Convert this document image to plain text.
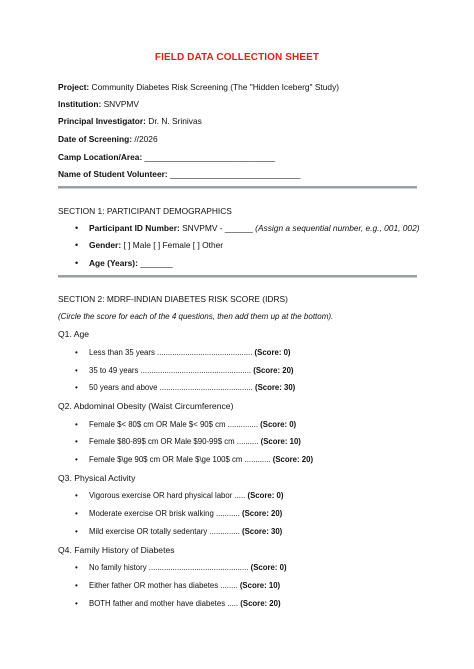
FIELD DATA COLLECTION SHEET
Project: Community Diabetes Risk Screening (The "Hidden Iceberg" Study)
Institution: SNVPMV
Principal Investigator: Dr. N. Srinivas
Date of Screening: //2026
Camp Location/Area: ____________________________
Name of Student Volunteer: ____________________________
SECTION 1: PARTICIPANT DEMOGRAPHICS
• Participant ID Number: SNVPMV - ______ (Assign a sequential number, e.g., 001, 002)
• Gender: [ ] Male [ ] Female [ ] Other
• Age (Years): _______
SECTION 2: MDRF-INDIAN DIABETES RISK SCORE (IDRS)
(Circle the score for each of the 4 questions, then add them up at the bottom).
Q1. Age
• Less than 35 years ............................................ (Score: 0)
• 35 to 49 years ................................................... (Score: 20)
• 50 years and above ........................................... (Score: 30)
Q2. Abdominal Obesity (Waist Circumference)
• Female $< 80$ cm OR Male $< 90$ cm .............. (Score: 0)
• Female $80-89$ cm OR Male $90-99$ cm .......... (Score: 10)
• Female $\ge 90$ cm OR Male $\ge 100$ cm ............ (Score: 20)
Q3. Physical Activity
• Vigorous exercise OR hard physical labor ..... (Score: 0)
• Moderate exercise OR brisk walking ........... (Score: 20)
• Mild exercise OR totally sedentary .............. (Score: 30)
Q4. Family History of Diabetes
• No family history .............................................. (Score: 0)
• Either father OR mother has diabetes ........ (Score: 10)
• BOTH father and mother have diabetes ..... (Score: 20)
